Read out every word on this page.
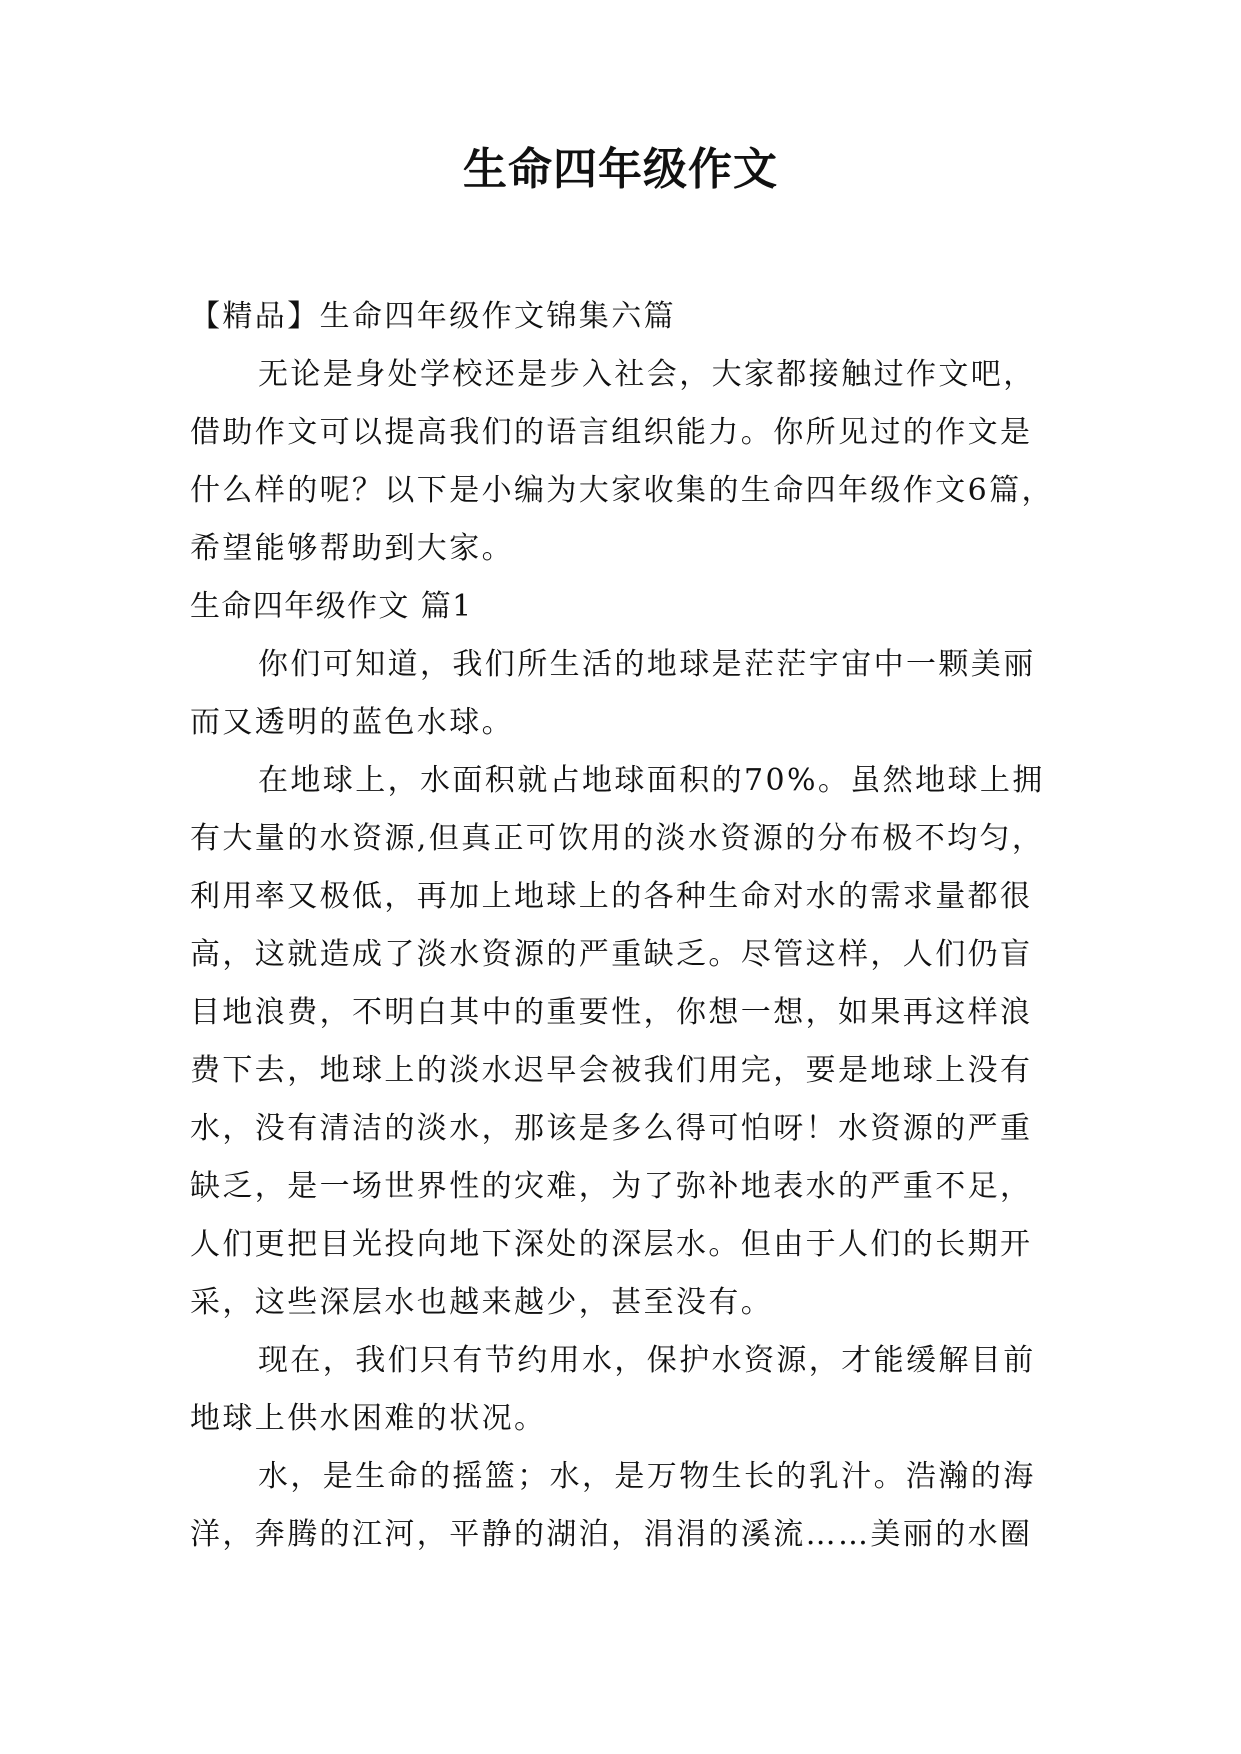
生命四年级作文
【精品】生命四年级作文锦集六篇
无论是身处学校还是步入社会，大家都接触过作文吧，
借助作文可以提高我们的语言组织能力。你所见过的作文是
什么样的呢？以下是小编为大家收集的生命四年级作文6篇，
希望能够帮助到大家。
生命四年级作文 篇1
你们可知道，我们所生活的地球是茫茫宇宙中一颗美丽
而又透明的蓝色水球。
在地球上，水面积就占地球面积的70%。虽然地球上拥
有大量的水资源,但真正可饮用的淡水资源的分布极不均匀，
利用率又极低，再加上地球上的各种生命对水的需求量都很
高，这就造成了淡水资源的严重缺乏。尽管这样，人们仍盲
目地浪费，不明白其中的重要性，你想一想，如果再这样浪
费下去，地球上的淡水迟早会被我们用完，要是地球上没有
水，没有清洁的淡水，那该是多么得可怕呀！水资源的严重
缺乏，是一场世界性的灾难，为了弥补地表水的严重不足，
人们更把目光投向地下深处的深层水。但由于人们的长期开
采，这些深层水也越来越少，甚至没有。
现在，我们只有节约用水，保护水资源，才能缓解目前
地球上供水困难的状况。
水，是生命的摇篮；水，是万物生长的乳汁。浩瀚的海
洋，奔腾的江河，平静的湖泊，涓涓的溪流……美丽的水圈
